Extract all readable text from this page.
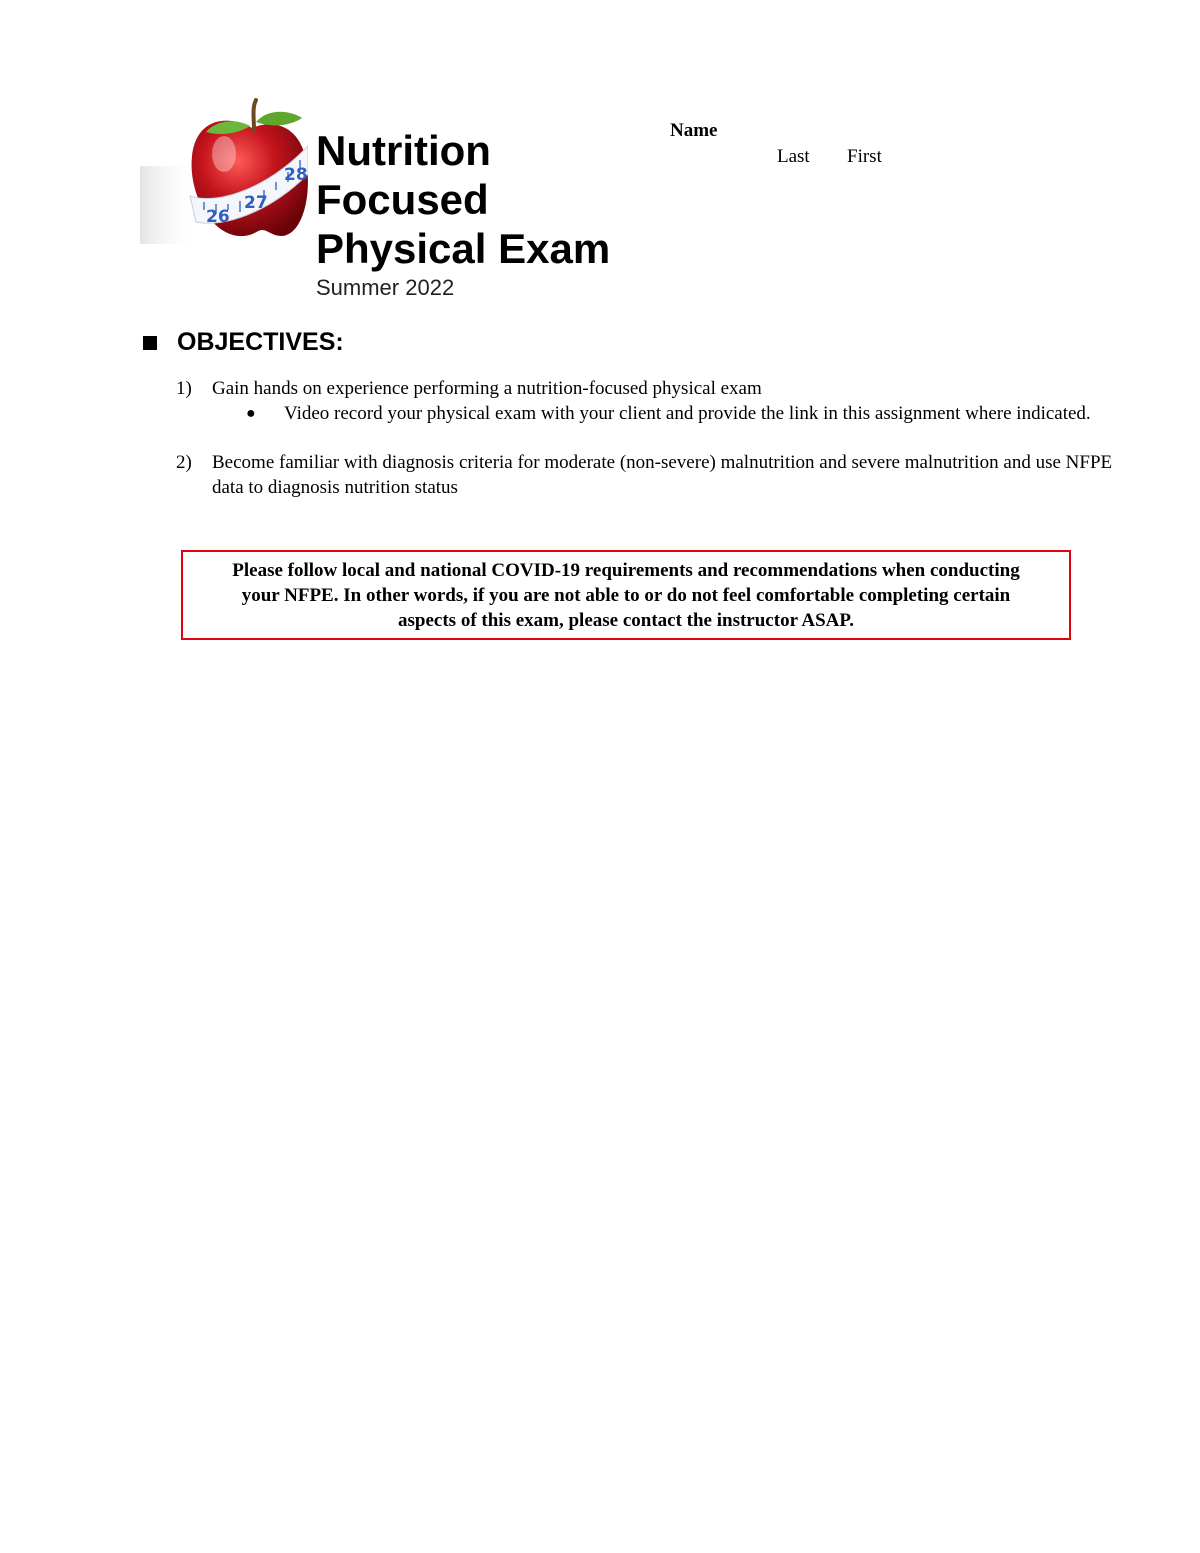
26
27
28
Nutrition
Focused
Physical Exam
Summer 2022
Name
Last First
OBJECTIVES:
1)	Gain hands on experience performing a nutrition-focused physical exam
●	Video record your physical exam with your client and provide the link in this assignment where indicated.
2)	Become familiar with diagnosis criteria for moderate (non-severe) malnutrition and severe malnutrition and use NFPE data to diagnosis nutrition status
Please follow local and national COVID-19 requirements and recommendations when conducting your NFPE. In other words, if you are not able to or do not feel comfortable completing certain aspects of this exam, please contact the instructor ASAP.
